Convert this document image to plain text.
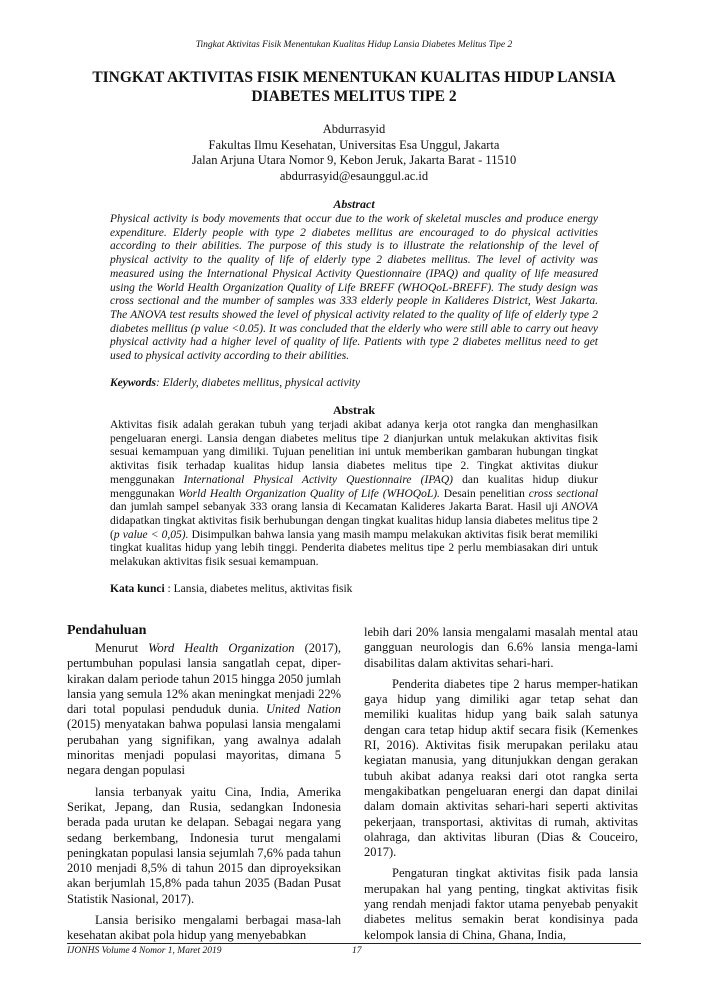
Tingkat Aktivitas Fisik Menentukan Kualitas Hidup Lansia Diabetes Melitus Tipe 2
TINGKAT AKTIVITAS FISIK MENENTUKAN KUALITAS HIDUP LANSIA DIABETES MELITUS TIPE 2
Abdurrasyid
Fakultas Ilmu Kesehatan, Universitas Esa Unggul, Jakarta
Jalan Arjuna Utara Nomor 9, Kebon Jeruk, Jakarta Barat - 11510
abdurrasyid@esaunggul.ac.id
Abstract

Physical activity is body movements that occur due to the work of skeletal muscles and produce energy expenditure. Elderly people with type 2 diabetes mellitus are encouraged to do physical activities according to their abilities. The purpose of this study is to illustrate the relationship of the level of physical activity to the quality of life of elderly type 2 diabetes mellitus. The level of activity was measured using the International Physical Activity Questionnaire (IPAQ) and quality of life measured using the World Health Organization Quality of Life BREFF (WHOQoL-BREFF). The study design was cross sectional and the mumber of samples was 333 elderly people in Kalideres District, West Jakarta. The ANOVA test results showed the level of physical activity related to the quality of life of elderly type 2 diabetes mellitus (p value <0.05). It was concluded that the elderly who were still able to carry out heavy physical activity had a higher level of quality of life. Patients with type 2 diabetes mellitus need to get used to physical activity according to their abilities.

Keywords: Elderly, diabetes mellitus, physical activity
Abstrak

Aktivitas fisik adalah gerakan tubuh yang terjadi akibat adanya kerja otot rangka dan menghasilkan pengeluaran energi. Lansia dengan diabetes melitus tipe 2 dianjurkan untuk melakukan aktivitas fisik sesuai kemampuan yang dimiliki. Tujuan penelitian ini untuk memberikan gambaran hubungan tingkat aktivitas fisik terhadap kualitas hidup lansia diabetes melitus tipe 2. Tingkat aktivitas diukur menggunakan International Physical Activity Questionnaire (IPAQ) dan kualitas hidup diukur menggunakan World Health Organization Quality of Life (WHOQoL). Desain penelitian cross sectional dan jumlah sampel sebanyak 333 orang lansia di Kecamatan Kalideres Jakarta Barat. Hasil uji ANOVA didapatkan tingkat aktivitas fisik berhubungan dengan tingkat kualitas hidup lansia diabetes melitus tipe 2 (p value < 0,05). Disimpulkan bahwa lansia yang masih mampu melakukan aktivitas fisik berat memiliki tingkat kualitas hidup yang lebih tinggi. Penderita diabetes melitus tipe 2 perlu membiasakan diri untuk melakukan aktivitas fisik sesuai kemampuan.

Kata kunci : Lansia, diabetes melitus, aktivitas fisik
Pendahuluan

Menurut Word Health Organization (2017), pertumbuhan populasi lansia sangatlah cepat, diper-kirakan dalam periode tahun 2015 hingga 2050 jumlah lansia yang semula 12% akan meningkat menjadi 22% dari total populasi penduduk dunia. United Nation (2015) menyatakan bahwa populasi lansia mengalami perubahan yang signifikan, yang awalnya adalah minoritas menjadi populasi mayoritas, dimana 5 negara dengan populasi

lansia terbanyak yaitu Cina, India, Amerika Serikat, Jepang, dan Rusia, sedangkan Indonesia berada pada urutan ke delapan. Sebagai negara yang sedang berkembang, Indonesia turut mengalami peningkatan populasi lansia sejumlah 7,6% pada tahun 2010 menjadi 8,5% di tahun 2015 dan diproyeksikan akan berjumlah 15,8% pada tahun 2035 (Badan Pusat Statistik Nasional, 2017).

Lansia berisiko mengalami berbagai masa-lah kesehatan akibat pola hidup yang menyebabkan

lebih dari 20% lansia mengalami masalah mental atau gangguan neurologis dan 6.6% lansia menga-lami disabilitas dalam aktivitas sehari-hari.

Penderita diabetes tipe 2 harus memper-hatikan gaya hidup yang dimiliki agar tetap sehat dan memiliki kualitas hidup yang baik salah satunya dengan cara tetap hidup aktif secara fisik (Kemenkes RI, 2016). Aktivitas fisik merupakan perilaku atau kegiatan manusia, yang ditunjukkan dengan gerakan tubuh akibat adanya reaksi dari otot rangka serta mengakibatkan pengeluaran energi dan dapat dinilai dalam domain aktivitas sehari-hari seperti aktivitas pekerjaan, transportasi, aktivitas di rumah, aktivitas olahraga, dan aktivitas liburan (Dias & Couceiro, 2017).

Pengaturan tingkat aktivitas fisik pada lansia merupakan hal yang penting, tingkat aktivitas fisik yang rendah menjadi faktor utama penyebab penyakit diabetes melitus semakin berat kondisinya pada kelompok lansia di China, Ghana, India,

IJONHS Volume 4 Nomor 1, Maret 2019	17
